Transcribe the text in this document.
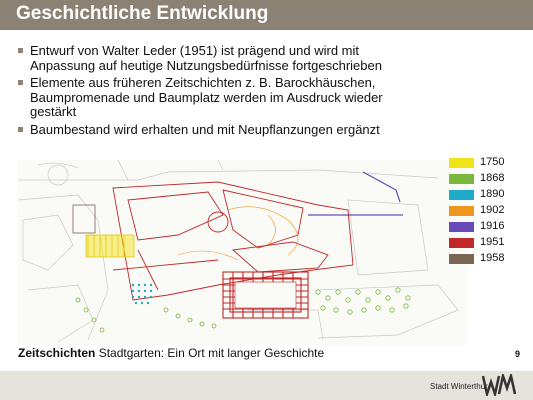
Geschichtliche Entwicklung
Entwurf von Walter Leder (1951) ist prägend und wird mit Anpassung auf heutige Nutzungsbedürfnisse fortgeschrieben
Elemente aus früheren Zeitschichten z. B. Barockhäuschen, Baumpromenade und Baumplatz werden im Ausdruck wieder gestärkt
Baumbestand wird erhalten und mit Neupflanzungen ergänzt
1750
1868
1890
1902
1916
1951
1958
Zeitschichten Stadtgarten: Ein Ort mit langer Geschichte	9
Stadt Winterthur
